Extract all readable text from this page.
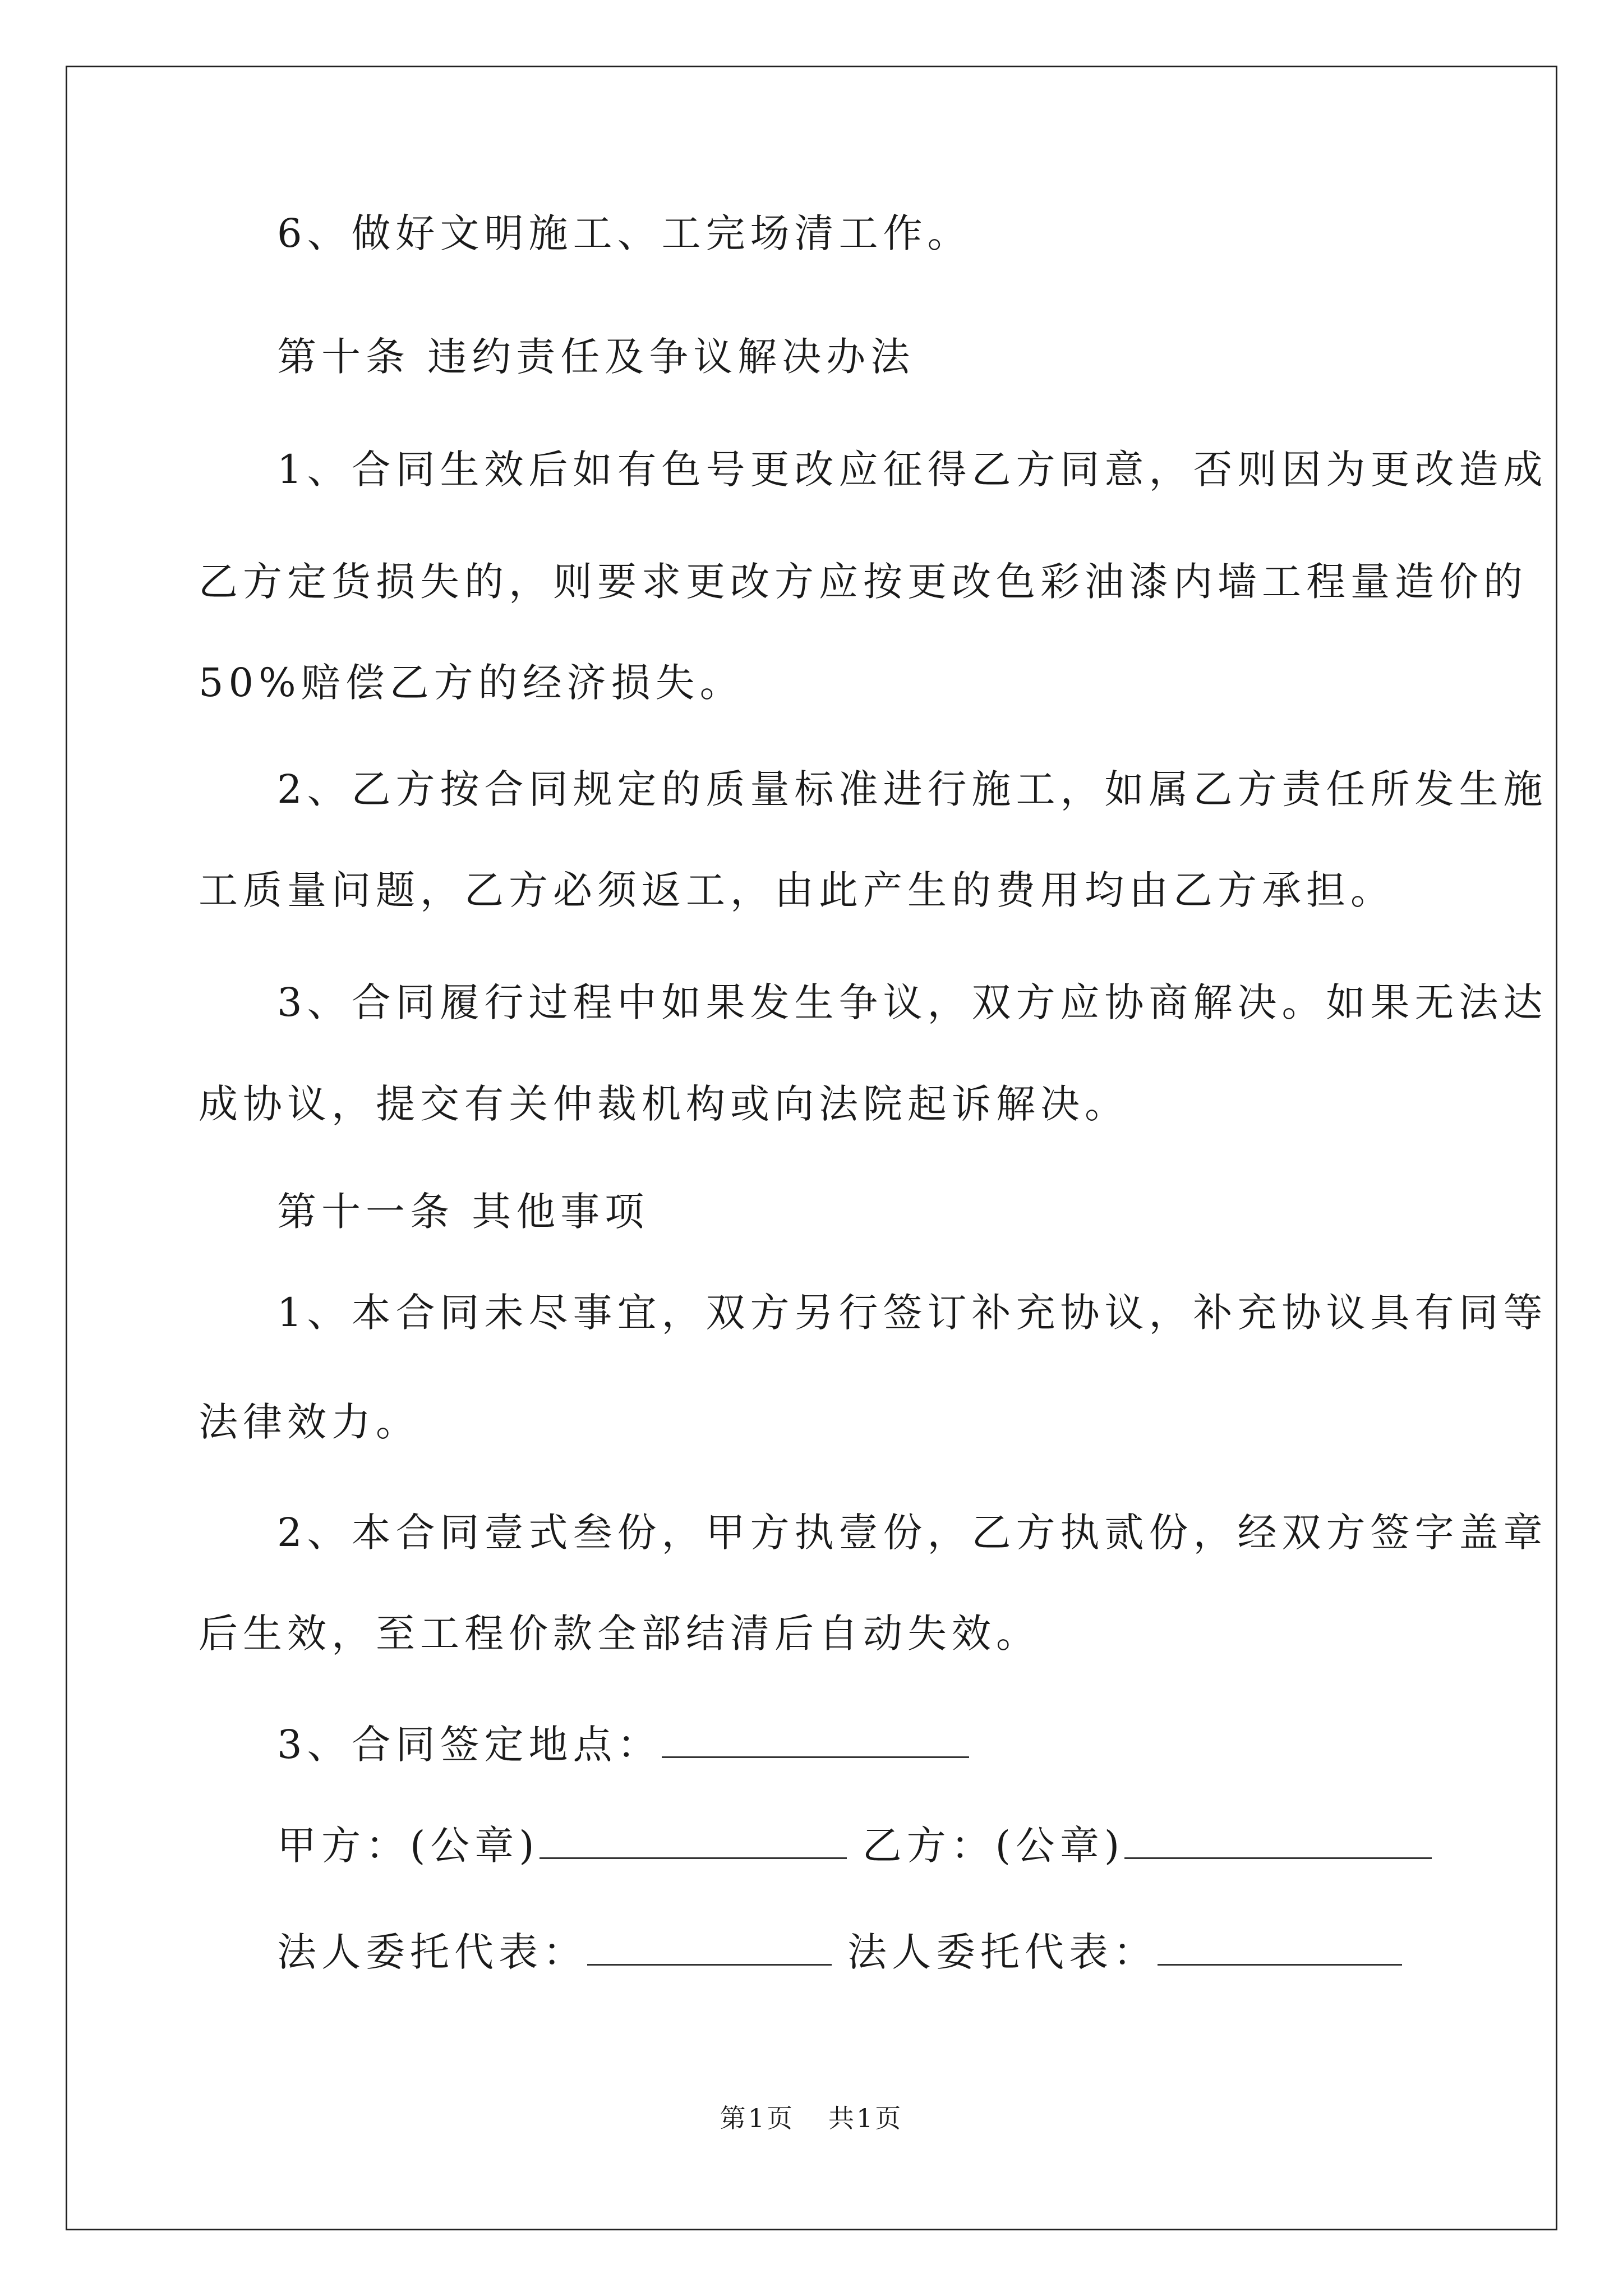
6、做好文明施工、工完场清工作。
第十条 违约责任及争议解决办法
1、合同生效后如有色号更改应征得乙方同意，否则因为更改造成
乙方定货损失的，则要求更改方应按更改色彩油漆内墙工程量造价的
50%赔偿乙方的经济损失。
2、乙方按合同规定的质量标准进行施工，如属乙方责任所发生施
工质量问题，乙方必须返工，由此产生的费用均由乙方承担。
3、合同履行过程中如果发生争议，双方应协商解决。如果无法达
成协议，提交有关仲裁机构或向法院起诉解决。
第十一条 其他事项
1、本合同未尽事宜，双方另行签订补充协议，补充协议具有同等
法律效力。
2、本合同壹式叁份，甲方执壹份，乙方执贰份，经双方签字盖章
后生效，至工程价款全部结清后自动失效。
3、合同签定地点：
甲方：(公章)	乙方：(公章)
法人委托代表：	法人委托代表：
第1页 共1页
